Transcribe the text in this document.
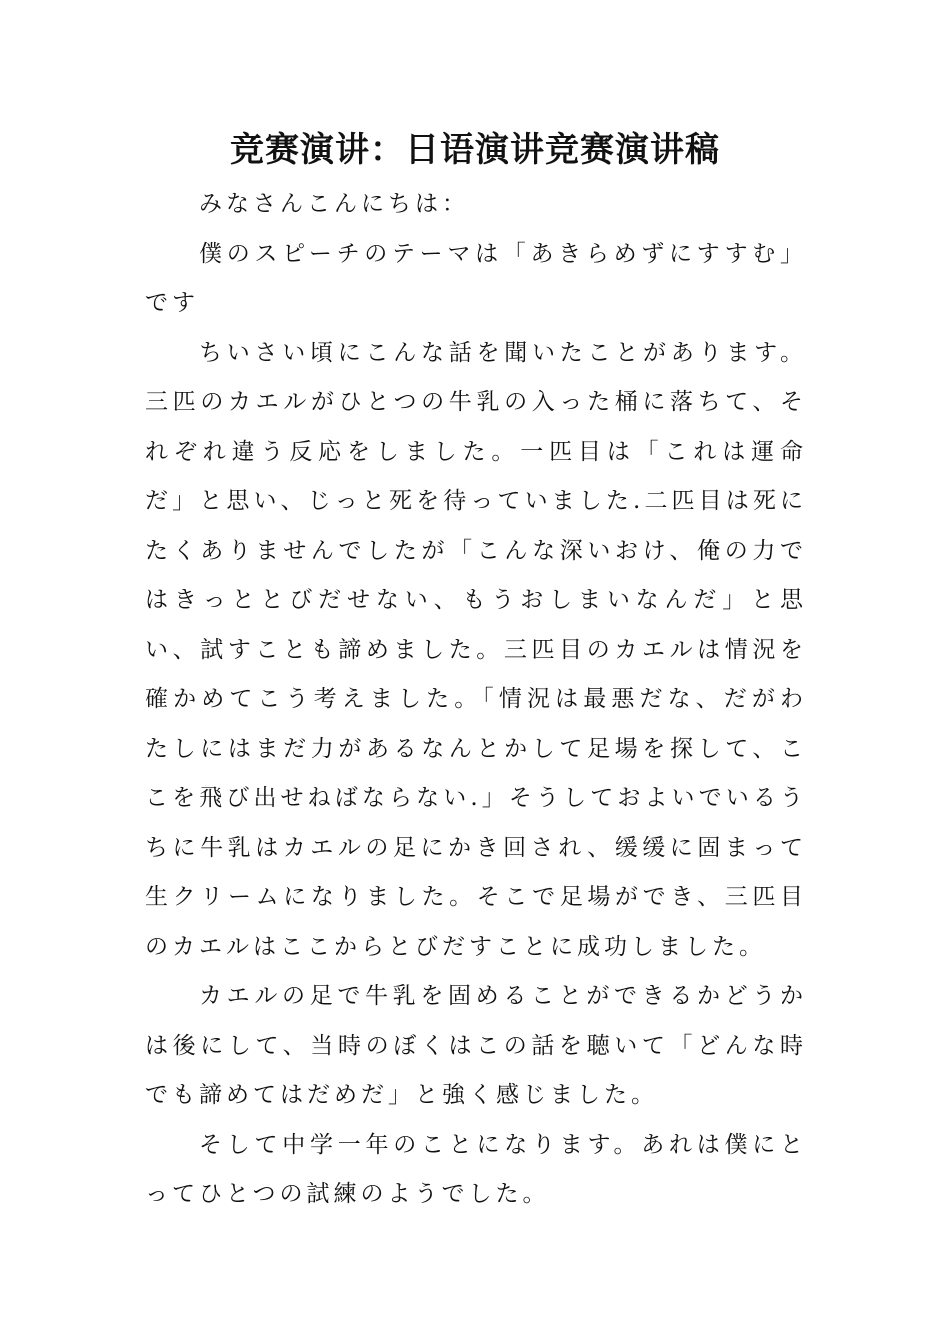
竞赛演讲：日语演讲竞赛演讲稿

みなさんこんにちは：

僕のスピーチのテーマは「あきらめずにすすむ」です

ちいさい頃にこんな話を聞いたことがあります。三匹のカエルがひとつの牛乳の入った桶に落ちて、それぞれ違う反応をしました。一匹目は「これは運命だ」と思い、じっと死を待っていました.二匹目は死にたくありませんでしたが「こんな深いおけ、俺の力ではきっととびだせない、もうおしまいなんだ」と思い、試すことも諦めました。三匹目のカエルは情況を確かめてこう考えました。「情況は最悪だな、だがわたしにはまだ力があるなんとかして足場を探して、ここを飛び出せねばならない.」そうしておよいでいるうちに牛乳はカエルの足にかき回され、缓缓に固まって生クリームになりました。そこで足場ができ、三匹目のカエルはここからとびだすことに成功しました。

カエルの足で牛乳を固めることができるかどうかは後にして、当時のぼくはこの話を聴いて「どんな時でも諦めてはだめだ」と強く感じました。

そして中学一年のことになります。あれは僕にとってひとつの試練のようでした。
